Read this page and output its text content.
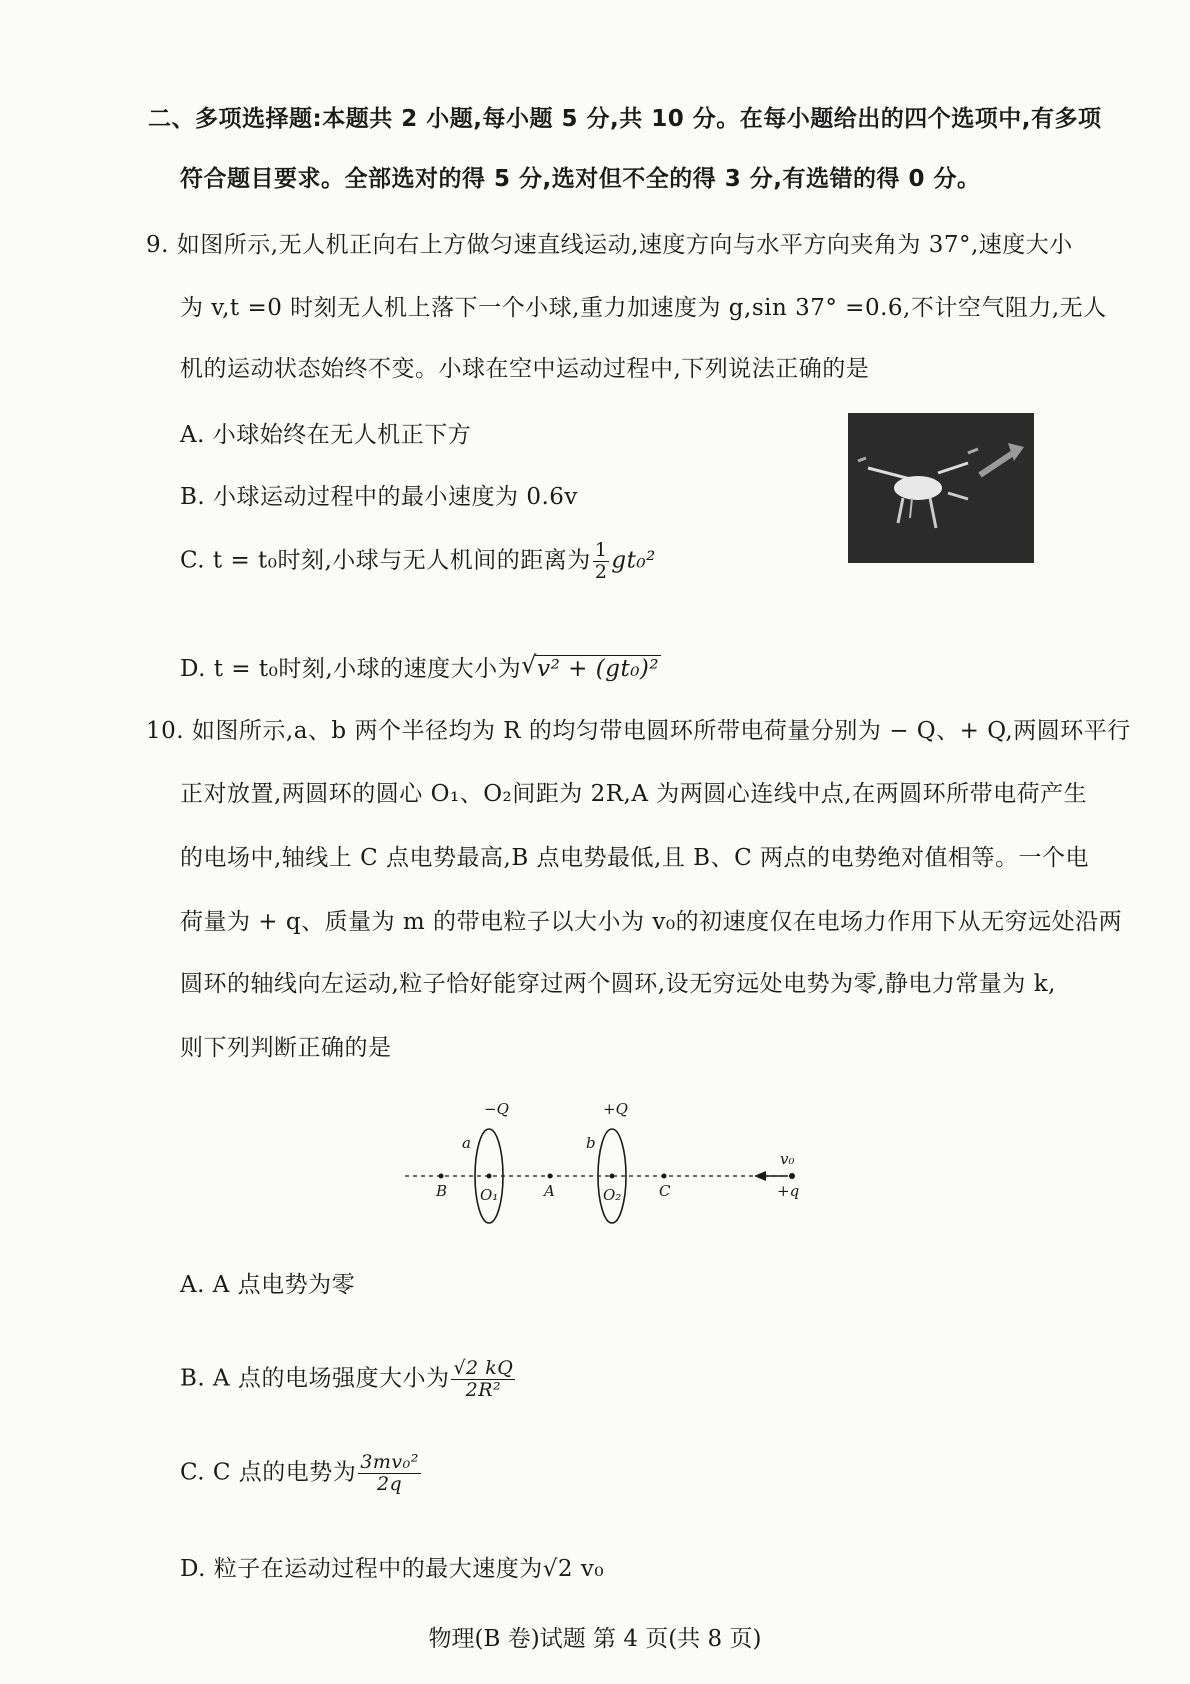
二、多项选择题:本题共 2 小题,每小题 5 分,共 10 分。在每小题给出的四个选项中,有多项
符合题目要求。全部选对的得 5 分,选对但不全的得 3 分,有选错的得 0 分。
9. 如图所示,无人机正向右上方做匀速直线运动,速度方向与水平方向夹角为 37°,速度大小
为 v,t =0 时刻无人机上落下一个小球,重力加速度为 g,sin 37° =0.6,不计空气阻力,无人
机的运动状态始终不变。小球在空中运动过程中,下列说法正确的是
A. 小球始终在无人机正下方
B. 小球运动过程中的最小速度为 0.6v
C. t = t₀时刻,小球与无人机间的距离为 $\frac{1}{2} gt_0^2$
D. t = t₀时刻,小球的速度大小为 √ v² + (gt₀)²
10. 如图所示,a、b 两个半径均为 R 的均匀带电圆环所带电荷量分别为 − Q、+ Q,两圆环平行
正对放置,两圆环的圆心 O₁、O₂间距为 2R,A 为两圆心连线中点,在两圆环所带电荷产生
的电场中,轴线上 C 点电势最高,B 点电势最低,且 B、C 两点的电势绝对值相等。一个电
荷量为 + q、质量为 m 的带电粒子以大小为 v₀的初速度仅在电场力作用下从无穷远处沿两
圆环的轴线向左运动,粒子恰好能穿过两个圆环,设无穷远处电势为零,静电力常量为 k,
则下列判断正确的是
−Q	+Q
a	b
B O₁	A	O₂	C
v₀
+q
A. A 点电势为零
B. A 点的电场强度大小为 $\frac{√2 kQ}{\text{2R²}}$
C. C 点的电势为 $\frac{\text{3mv₀²}}{2q}$
D. 粒子在运动过程中的最大速度为√2 v₀
物理(B 卷)试题 第 4 页(共 8 页)
